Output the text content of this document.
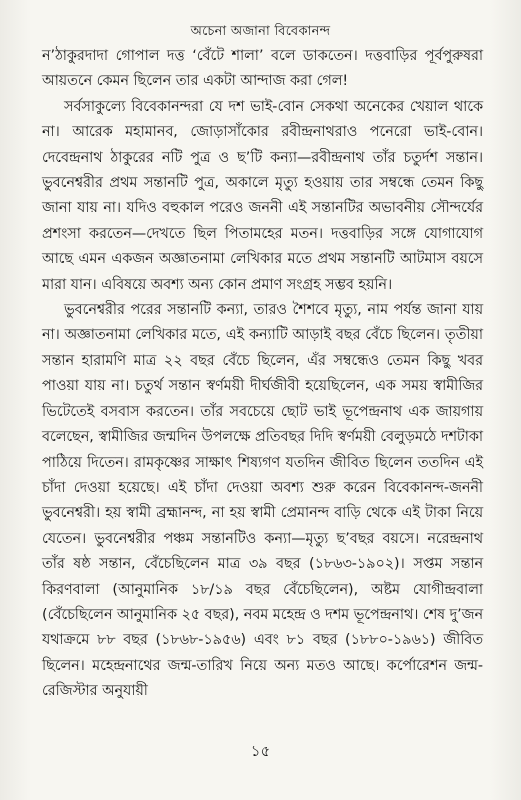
অচেনা অজানা বিবেকানন্দ

ন’ঠাকুরদাদা গোপাল দত্ত ‘বেঁটে শালা’ বলে ডাকতেন। দত্তবাড়ির পূর্বপুরুষরা আয়তনে কেমন ছিলেন তার একটা আন্দাজ করা গেল!

সর্বসাকুল্যে বিবেকানন্দরা যে দশ ভাই-বোন সেকথা অনেকের খেয়াল থাকে না। আরেক মহামানব, জোড়াসাঁকোর রবীন্দ্রনাথরাও পনেরো ভাই-বোন। দেবেন্দ্রনাথ ঠাকুরের নটি পুত্র ও ছ’টি কন্যা—রবীন্দ্রনাথ তাঁর চতুর্দশ সন্তান। ভুবনেশ্বরীর প্রথম সন্তানটি পুত্র, অকালে মৃত্যু হওয়ায় তার সম্বন্ধে তেমন কিছু জানা যায় না। যদিও বহুকাল পরেও জননী এই সন্তানটির অভাবনীয় সৌন্দর্যের প্রশংসা করতেন—দেখতে ছিল পিতামহের মতন। দত্তবাড়ির সঙ্গে যোগাযোগ আছে এমন একজন অজ্ঞাতনামা লেখিকার মতে প্রথম সন্তানটি আটমাস বয়সে মারা যান। এবিষয়ে অবশ্য অন্য কোন প্রমাণ সংগ্রহ সম্ভব হয়নি।

ভুবনেশ্বরীর পরের সন্তানটি কন্যা, তারও শৈশবে মৃত্যু, নাম পর্যন্ত জানা যায় না। অজ্ঞাতনামা লেখিকার মতে, এই কন্যাটি আড়াই বছর বেঁচে ছিলেন। তৃতীয়া সন্তান হারামণি মাত্র ২২ বছর বেঁচে ছিলেন, এঁর সম্বন্ধেও তেমন কিছু খবর পাওয়া যায় না। চতুর্থ সন্তান স্বর্ণময়ী দীর্ঘজীবী হয়েছিলেন, এক সময় স্বামীজির ভিটেতেই বসবাস করতেন। তাঁর সবচেয়ে ছোট ভাই ভূপেন্দ্রনাথ এক জায়গায় বলেছেন, স্বামীজির জন্মদিন উপলক্ষে প্রতিবছর দিদি স্বর্ণময়ী বেলুড়মঠে দশটাকা পাঠিয়ে দিতেন। রামকৃষ্ণের সাক্ষাৎ শিষ্যগণ যতদিন জীবিত ছিলেন ততদিন এই চাঁদা দেওয়া হয়েছে। এই চাঁদা দেওয়া অবশ্য শুরু করেন বিবেকানন্দ-জননী ভুবনেশ্বরী। হয় স্বামী ব্রহ্মানন্দ, না হয় স্বামী প্রেমানন্দ বাড়ি থেকে এই টাকা নিয়ে যেতেন। ভুবনেশ্বরীর পঞ্চম সন্তানটিও কন্যা—মৃত্যু ছ’বছর বয়সে। নরেন্দ্রনাথ তাঁর ষষ্ঠ সন্তান, বেঁচেছিলেন মাত্র ৩৯ বছর (১৮৬৩-১৯০২)। সপ্তম সন্তান কিরণবালা (আনুমানিক ১৮/১৯ বছর বেঁচেছিলেন), অষ্টম যোগীন্দ্রবালা (বেঁচেছিলেন আনুমানিক ২৫ বছর), নবম মহেন্দ্র ও দশম ভূপেন্দ্রনাথ। শেষ দু’জন যথাক্রমে ৮৮ বছর (১৮৬৮-১৯৫৬) এবং ৮১ বছর (১৮৮০-১৯৬১) জীবিত ছিলেন। মহেন্দ্রনাথের জন্ম-তারিখ নিয়ে অন্য মতও আছে। কর্পোরেশন জন্ম-রেজিস্টার অনুযায়ী

১৫
